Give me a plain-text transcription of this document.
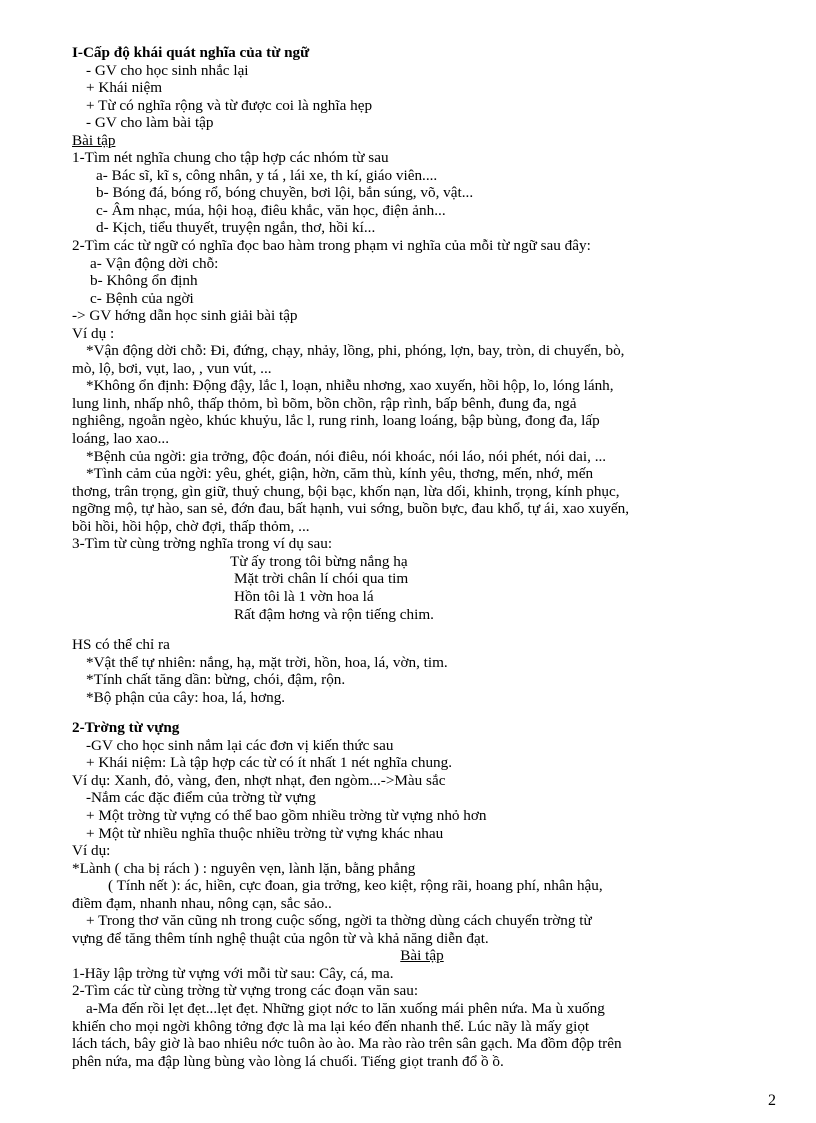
I-Cấp độ khái quát nghĩa của từ ngữ
- GV cho học sinh nhắc lại
+ Khái niệm
+ Từ có nghĩa rộng và từ được coi là nghĩa hẹp
- GV cho làm bài tập
Bài tập
1-Tìm nét nghĩa chung cho tập hợp các nhóm từ sau
a- Bác sĩ, kĩ s, công nhân, y tá , lái xe, th kí, giáo viên....
b- Bóng đá, bóng rổ, bóng chuyền, bơi lội, bắn súng, võ, vật...
c- Âm nhạc, múa, hội hoạ, điêu khắc, văn học, điện ảnh...
d- Kịch, tiểu thuyết, truyện ngắn, thơ, hồi kí...
2-Tìm các từ ngữ có nghĩa đọc bao hàm trong phạm vi nghĩa của mỗi từ ngữ sau đây:
a- Vận động dời chỗ:
b- Không ổn định
c- Bệnh của ngời
-> GV hớng dẫn học sinh giải bài tập
Ví dụ :
*Vận động dời chỗ: Đi, đứng, chạy, nhảy, lồng, phi, phóng, lợn, bay, tròn, di chuyển, bò,
mò, lộ, bơi, vụt, lao, , vun vút, ...
*Không ổn định: Động đậy, lắc l, loạn, nhiễu nhơng, xao xuyến, hồi hộp, lo, lóng lánh,
lung linh, nhấp nhô, thấp thỏm, bì bõm, bồn chồn, rập rình, bấp bênh, đung đa, ngả
nghiêng, ngoằn ngèo, khúc khuỷu, lắc l, rung rinh, loang loáng, bập bùng, đong đa, lấp
loáng, lao xao...
*Bệnh của ngời: gia trởng, độc đoán, nói điêu, nói khoác, nói láo, nói phét, nói dai, ...
*Tình cảm của ngời: yêu, ghét, giận, hờn, căm thù, kính yêu, thơng, mến, nhớ, mến
thơng, trân trọng, gìn giữ, thuỷ chung, bội bạc, khốn nạn, lừa dối, khinh, trọng, kính phục,
ngỡng mộ, tự hào, san sẻ, đớn đau, bất hạnh, vui sớng, buồn bực, đau khổ, tự ái, xao xuyến,
bồi hồi, hồi hộp, chờ đợi, thấp thỏm, ...
3-Tìm từ cùng trờng nghĩa trong ví dụ sau:
Từ ấy trong tôi bừng nắng hạ
Mặt trời chân lí chói qua tim
Hồn tôi là 1 vờn hoa lá
Rất đậm hơng và rộn tiếng chim.
HS có thể chỉ ra
*Vật thể tự nhiên: nắng, hạ, mặt trời, hồn, hoa, lá, vờn, tim.
*Tính chất tăng dần: bừng, chói, đậm, rộn.
*Bộ phận của cây: hoa, lá, hơng.
2-Trờng từ vựng
-GV cho học sinh nắm lại các đơn vị kiến thức sau
+ Khái niệm: Là tập hợp các từ có ít nhất 1 nét nghĩa chung.
Ví dụ: Xanh, đỏ, vàng, đen, nhợt nhạt, đen ngòm...->Màu sắc
-Nắm các đặc điểm của trờng từ vựng
+ Một trờng từ vựng có thể bao gồm nhiều trờng từ vựng nhỏ hơn
+ Một từ nhiều nghĩa thuộc nhiều trờng từ vựng khác nhau
Ví dụ:
*Lành ( cha bị rách ) : nguyên vẹn, lành lặn, bằng phẳng
( Tính nết ): ác, hiền, cực đoan, gia trởng, keo kiệt, rộng rãi, hoang phí, nhân hậu,
điềm đạm, nhanh nhau, nông cạn, sắc sảo..
+ Trong thơ văn cũng nh trong cuộc sống, ngời ta thờng dùng cách chuyển trờng từ
vựng để tăng thêm tính nghệ thuật của ngôn từ và khả năng diễn đạt.
Bài tập
1-Hãy lập trờng từ vựng với mỗi từ sau: Cây, cá, ma.
2-Tìm các từ cùng trờng từ vựng trong các đoạn văn sau:
a-Ma đến rồi lẹt đẹt...lẹt đẹt. Những giọt nớc to lăn xuống mái phên nứa. Ma ù xuống
khiến cho mọi ngời không tởng đợc là ma lại kéo đến nhanh thế. Lúc nãy là mấy giọt
lách tách, bây giờ là bao nhiêu nớc tuôn ào ào. Ma rào rào trên sân gạch. Ma đồm độp trên
phên nứa, ma đập lùng bùng vào lòng lá chuối. Tiếng giọt tranh đổ ồ ồ.
2
